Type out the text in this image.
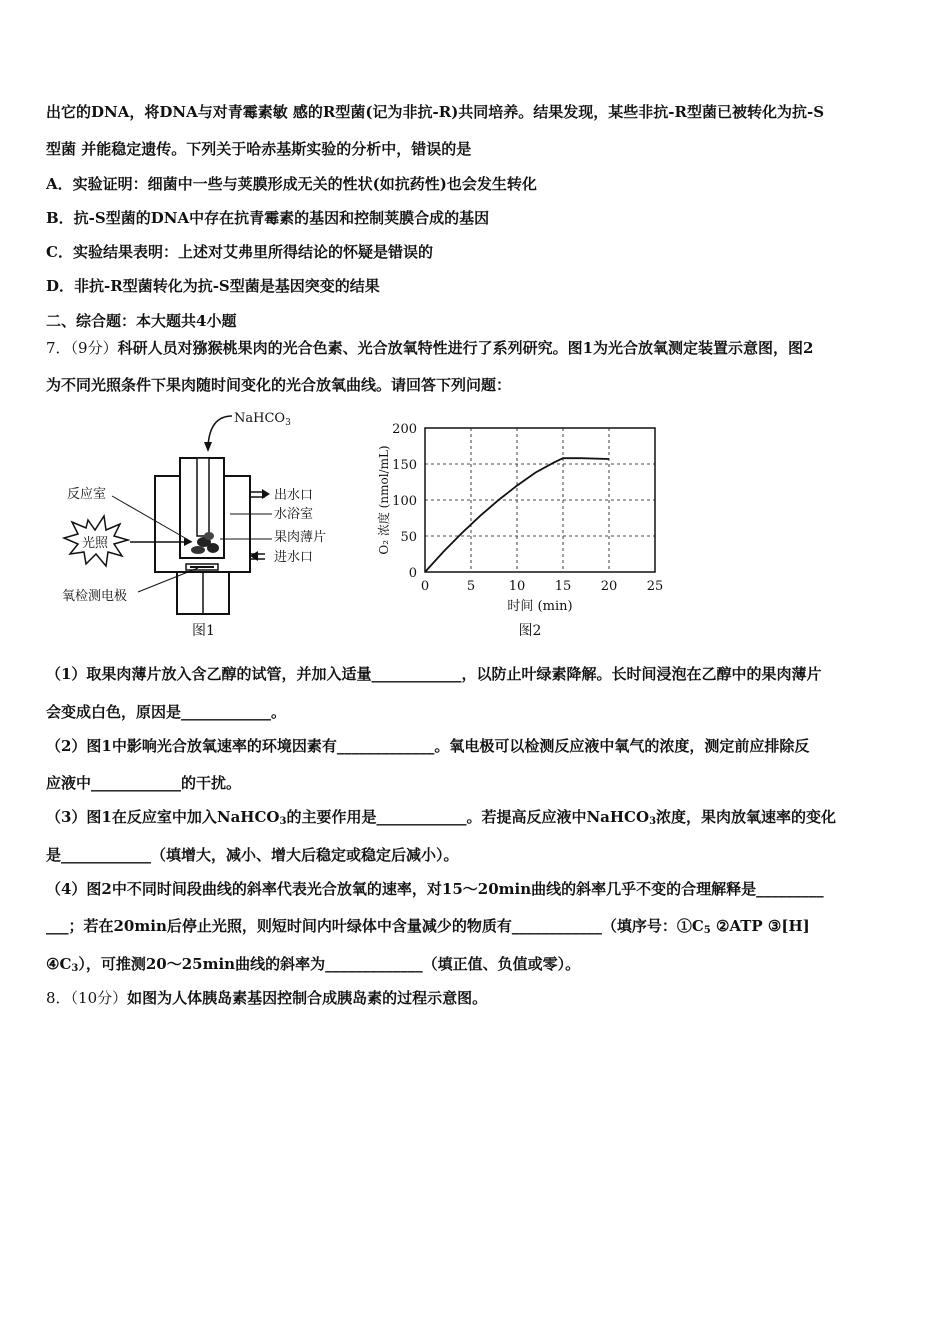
出它的DNA，将DNA与对青霉素敏 感的R型菌(记为非抗-R)共同培养。结果发现，某些非抗-R型菌已被转化为抗-S
型菌 并能稳定遗传。下列关于哈赤基斯实验的分析中，错误的是
A．实验证明：细菌中一些与荚膜形成无关的性状(如抗药性)也会发生转化
B．抗-S型菌的DNA中存在抗青霉素的基因和控制荚膜合成的基因
C．实验结果表明：上述对艾弗里所得结论的怀疑是错误的
D．非抗-R型菌转化为抗-S型菌是基因突变的结果
二、综合题：本大题共4小题
7．（9分）科研人员对猕猴桃果肉的光合色素、光合放氧特性进行了系列研究。图1为光合放氧测定装置示意图，图2
为不同光照条件下果肉随时间变化的光合放氧曲线。请回答下列问题：
NaHCO$_3$
出水口
水浴室
果肉薄片
进水口
反应室
光照
氧检测电极
图1
0	5	10 15 20 25
0
50
100
150
200
O₂ 浓度 (nmol/mL)
时间 (min)
图2
（1）取果肉薄片放入含乙醇的试管，并加入适量____________，以防止叶绿素降解。长时间浸泡在乙醇中的果肉薄片
会变成白色，原因是____________。
（2）图1中影响光合放氧速率的环境因素有_____________。氧电极可以检测反应液中氧气的浓度，测定前应排除反
应液中____________的干扰。
（3）图1在反应室中加入NaHCO$_3$的主要作用是____________。若提高反应液中NaHCO$_3$浓度，果肉放氧速率的变化
是____________（填增大，减小、增大后稳定或稳定后减小）。
（4）图2中不同时间段曲线的斜率代表光合放氧的速率，对15～20min曲线的斜率几乎不变的合理解释是_________
___；若在20min后停止光照，则短时间内叶绿体中含量减少的物质有____________（填序号：$①C_5$ ②ATP ③[H]
$④C_3$），可推测20～25min曲线的斜率为_____________（填正值、负值或零）。
8．（10分）如图为人体胰岛素基因控制合成胰岛素的过程示意图。
